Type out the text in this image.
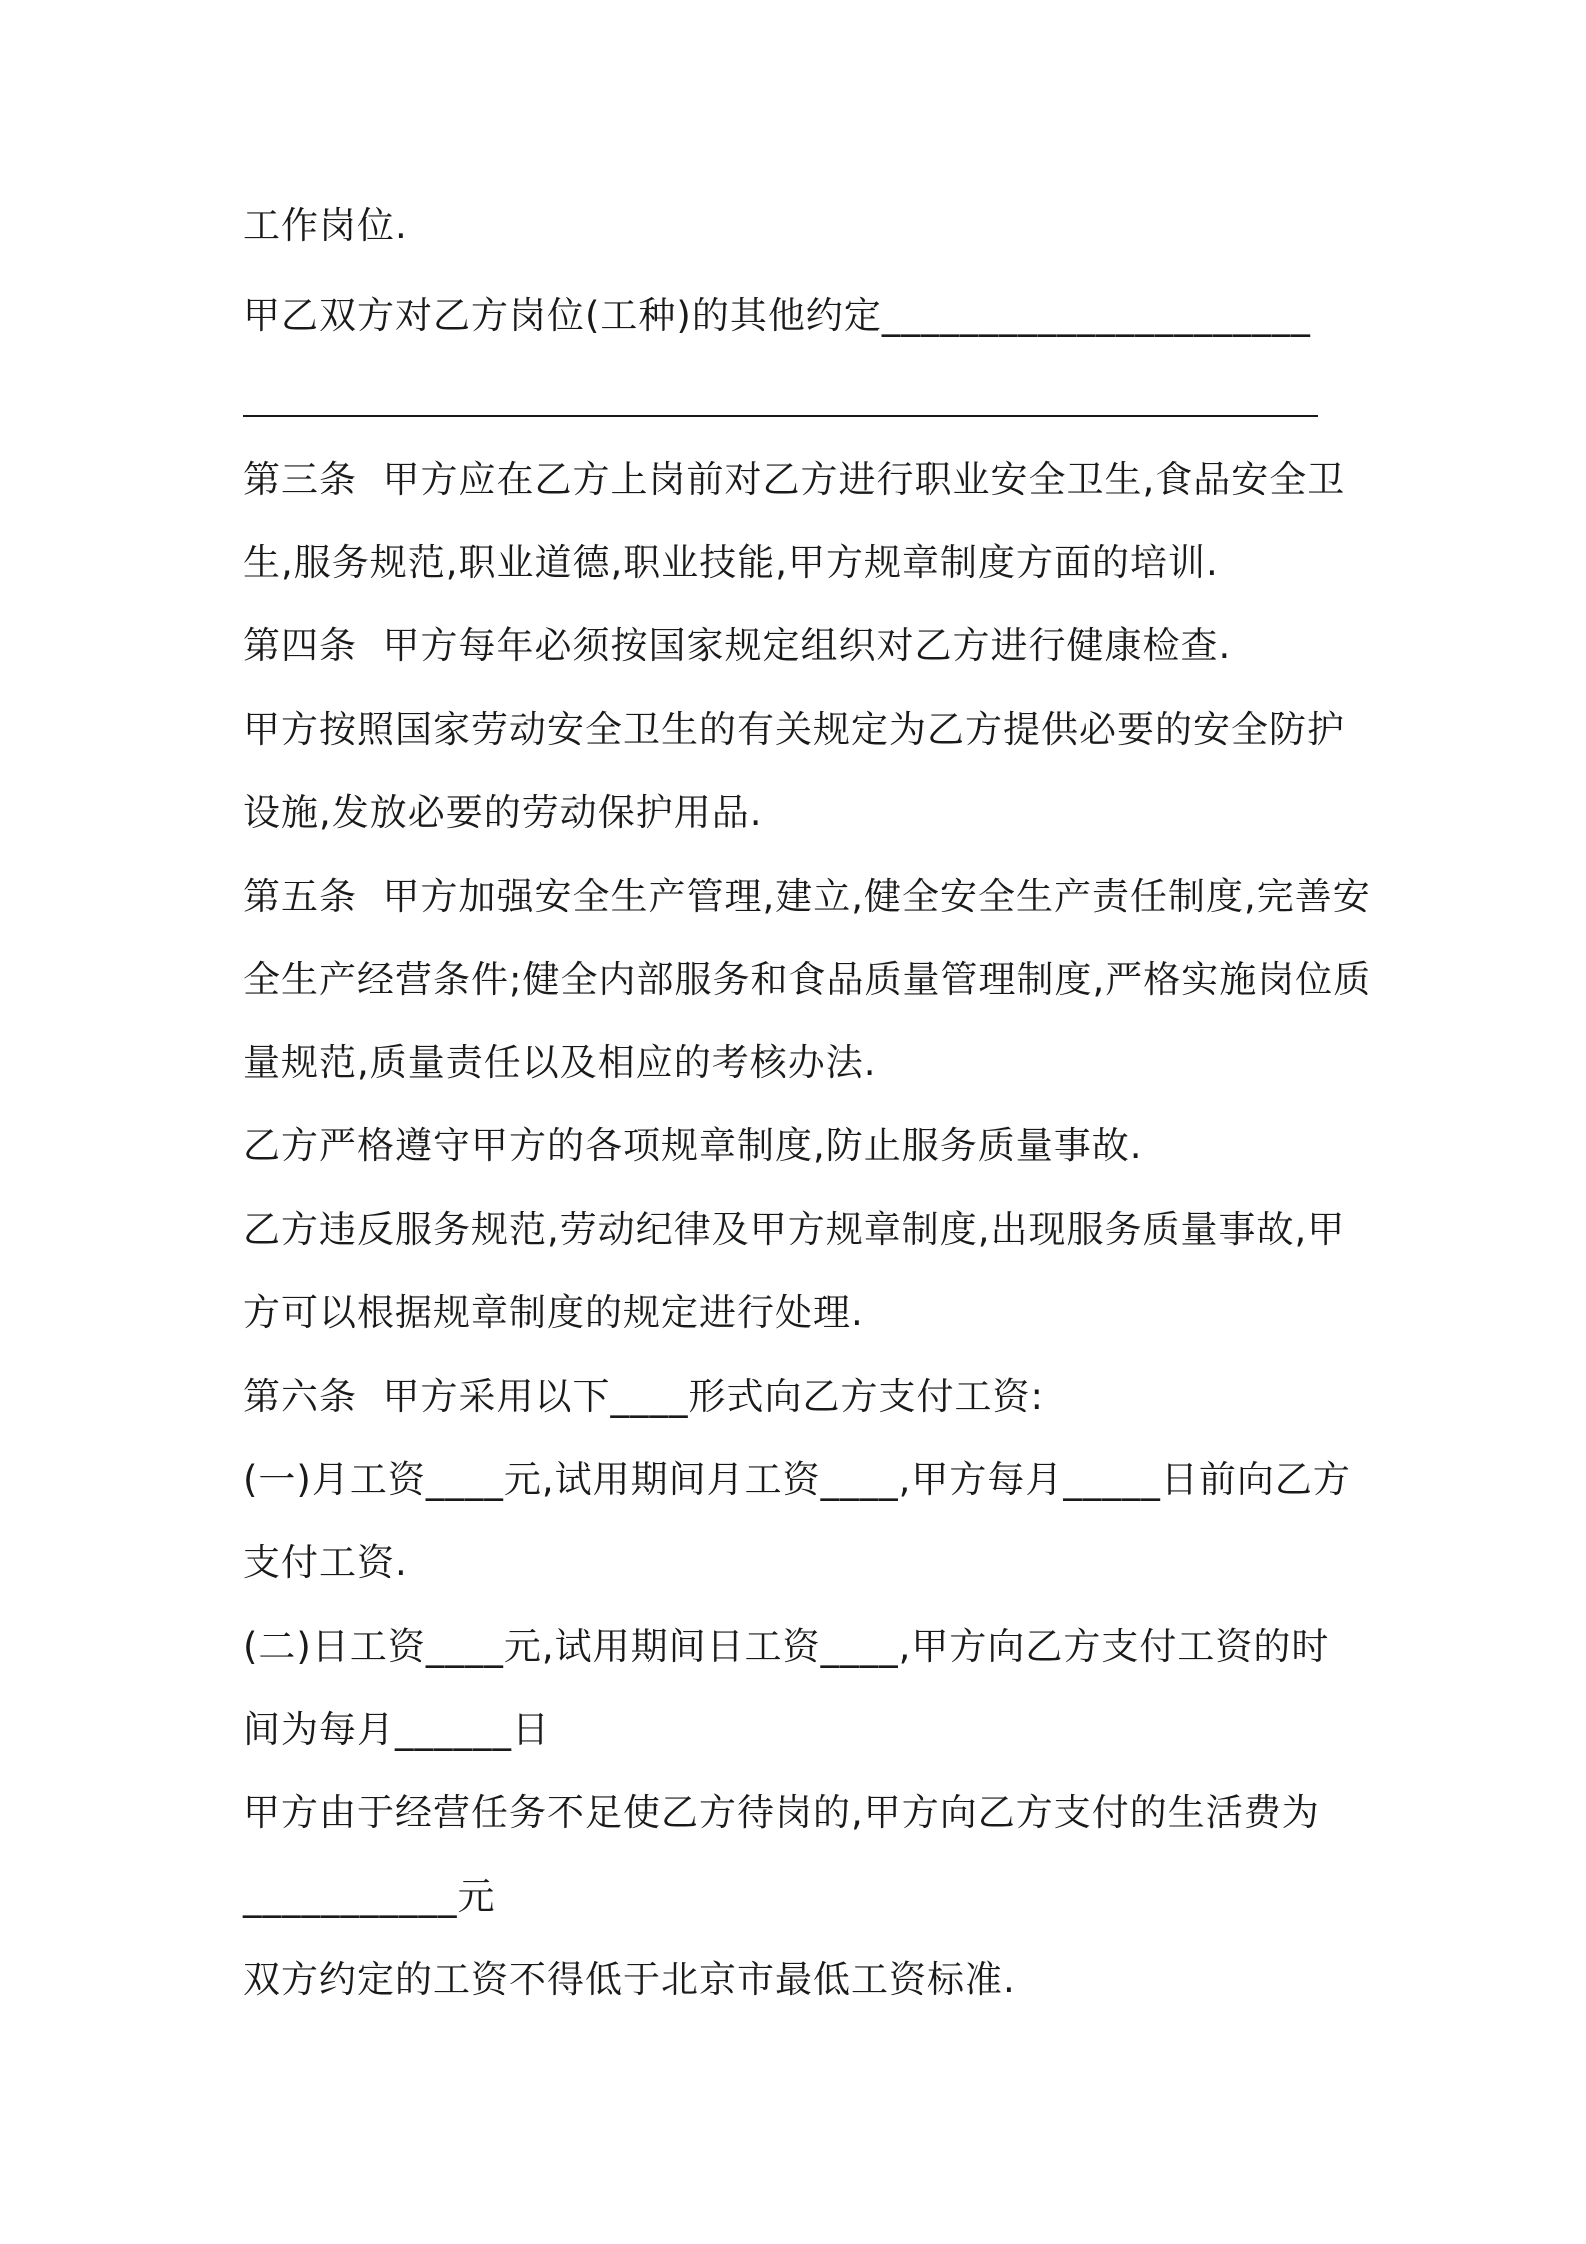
工作岗位.

甲乙双方对乙方岗位(工种)的其他约定______________________

第三条  甲方应在乙方上岗前对乙方进行职业安全卫生,食品安全卫

生,服务规范,职业道德,职业技能,甲方规章制度方面的培训.

第四条  甲方每年必须按国家规定组织对乙方进行健康检查.

甲方按照国家劳动安全卫生的有关规定为乙方提供必要的安全防护

设施,发放必要的劳动保护用品.

第五条  甲方加强安全生产管理,建立,健全安全生产责任制度,完善安

全生产经营条件;健全内部服务和食品质量管理制度,严格实施岗位质

量规范,质量责任以及相应的考核办法.

乙方严格遵守甲方的各项规章制度,防止服务质量事故.

乙方违反服务规范,劳动纪律及甲方规章制度,出现服务质量事故,甲

方可以根据规章制度的规定进行处理.

第六条  甲方采用以下____形式向乙方支付工资:

(一)月工资____元,试用期间月工资____,甲方每月_____日前向乙方

支付工资.

(二)日工资____元,试用期间日工资____,甲方向乙方支付工资的时

间为每月______日

甲方由于经营任务不足使乙方待岗的,甲方向乙方支付的生活费为

___________元

双方约定的工资不得低于北京市最低工资标准.
